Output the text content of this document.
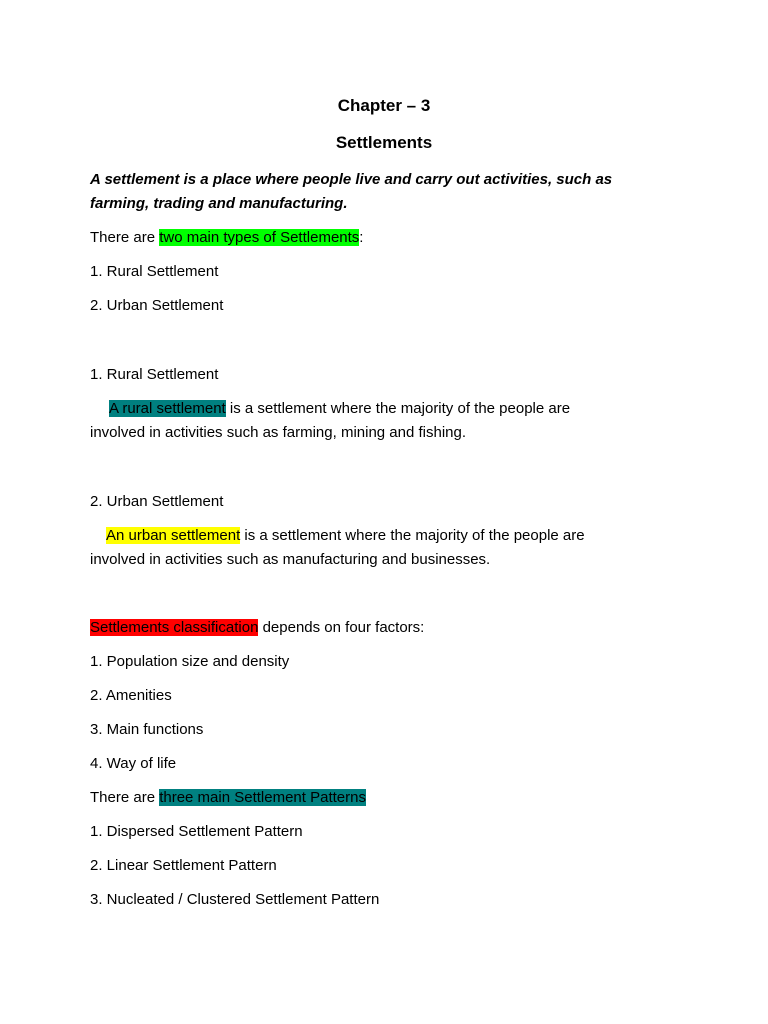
Chapter – 3
Settlements
A settlement is a place where people live and carry out activities, such as
farming, trading and manufacturing.
There are two main types of Settlements:
1. Rural Settlement
2. Urban Settlement
1. Rural Settlement
A rural settlement is a settlement where the majority of the people are
involved in activities such as farming, mining and fishing.
2. Urban Settlement
An urban settlement is a settlement where the majority of the people are
involved in activities such as manufacturing and businesses.
Settlements classification depends on four factors:
1. Population size and density
2. Amenities
3. Main functions
4. Way of life
There are three main Settlement Patterns
1. Dispersed Settlement Pattern
2. Linear Settlement Pattern
3. Nucleated / Clustered Settlement Pattern
